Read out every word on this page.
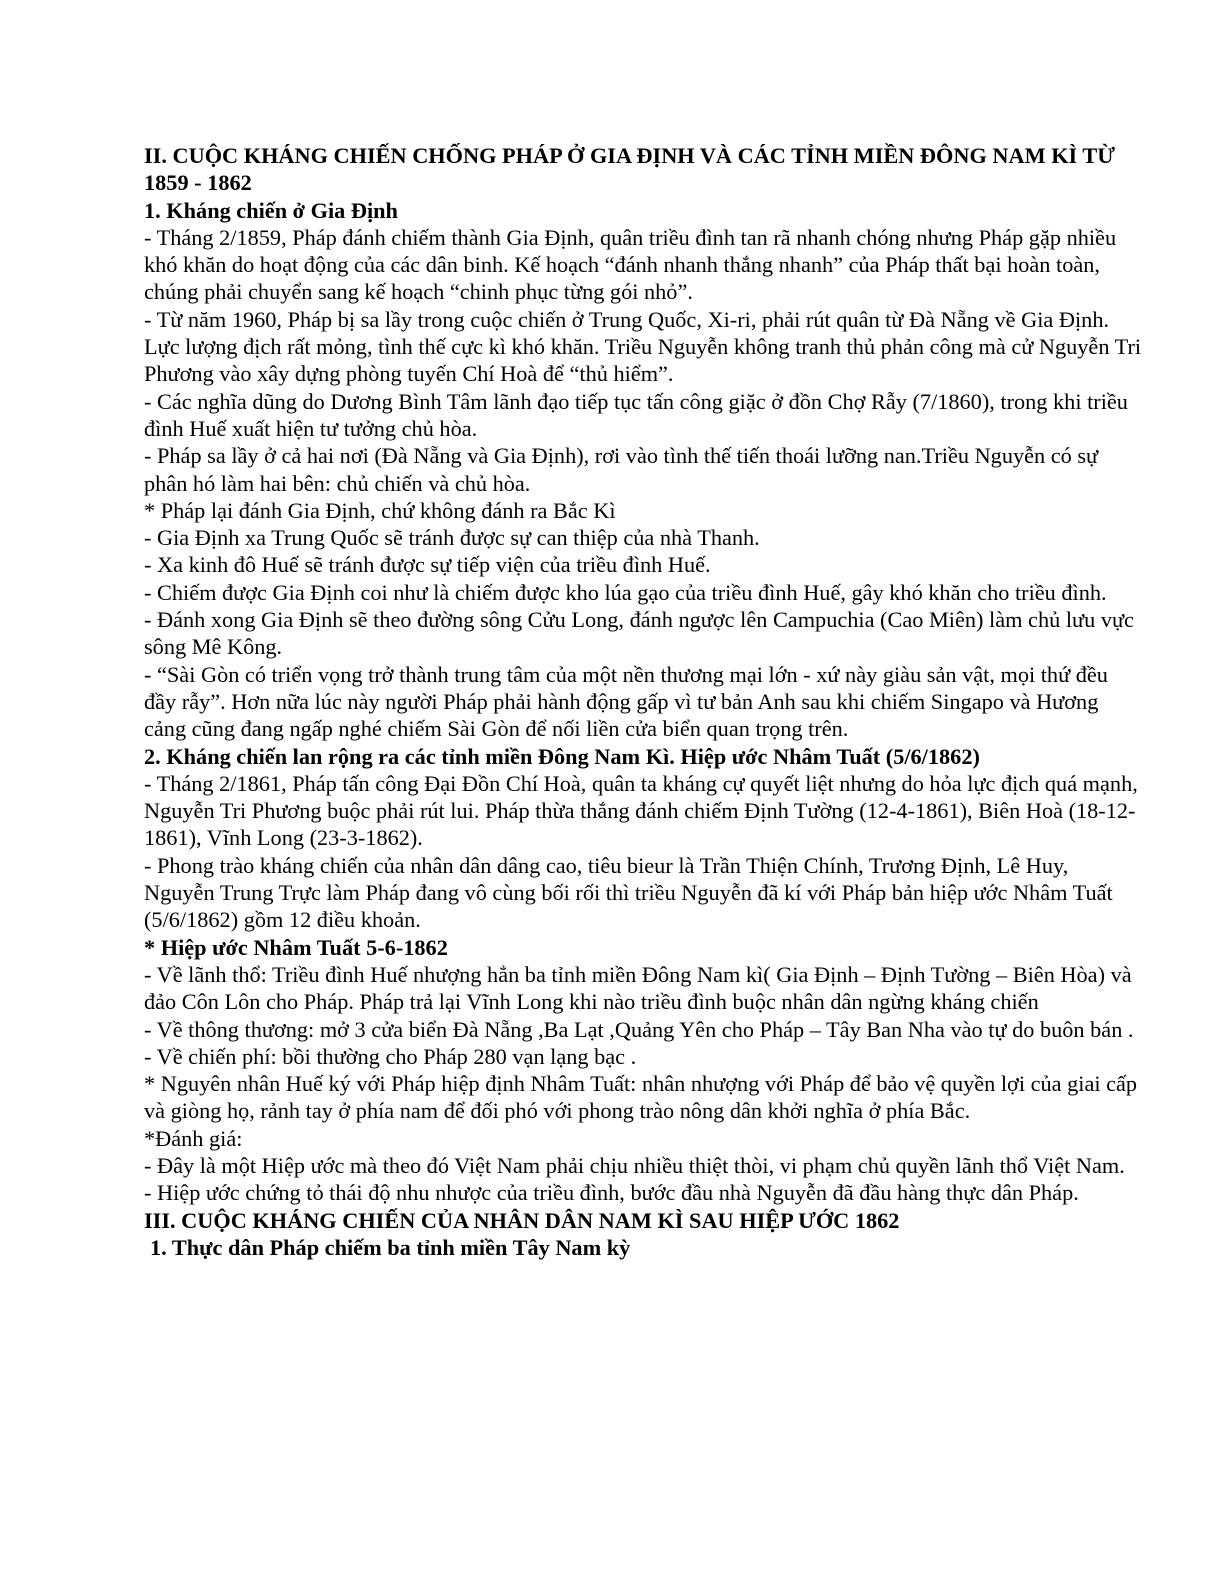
II. CUỘC KHÁNG CHIẾN CHỐNG PHÁP Ở GIA ĐỊNH VÀ CÁC TỈNH MIỀN ĐÔNG NAM KÌ TỪ 1859 - 1862

1. Kháng chiến ở Gia Định

- Tháng 2/1859, Pháp đánh chiếm thành Gia Định, quân triều đình tan rã nhanh chóng nhưng Pháp gặp nhiều khó khăn do hoạt động của các dân binh. Kế hoạch “đánh nhanh thắng nhanh” của Pháp thất bại hoàn toàn, chúng phải chuyển sang kế hoạch “chinh phục từng gói nhỏ”.

- Từ năm 1960, Pháp bị sa lầy trong cuộc chiến ở Trung Quốc, Xi-ri, phải rút quân từ Đà Nẵng về Gia Định. Lực lượng địch rất mỏng, tình thế cực kì khó khăn. Triều Nguyễn không tranh thủ phản công mà cử Nguyễn Tri Phương vào xây dựng phòng tuyến Chí Hoà để “thủ hiểm”.

- Các nghĩa dũng do Dương Bình Tâm lãnh đạo tiếp tục tấn công giặc ở đồn Chợ Rẫy (7/1860), trong khi triều đình Huế xuất hiện tư tưởng chủ hòa.

- Pháp sa lầy ở cả hai nơi (Đà Nẵng và Gia Định), rơi vào tình thế tiến thoái lưỡng nan.Triều Nguyễn có sự phân hó làm hai bên: chủ chiến và chủ hòa.

* Pháp lại đánh Gia Định, chứ không đánh ra Bắc Kì

- Gia Định xa Trung Quốc sẽ tránh được sự can thiệp của nhà Thanh.

- Xa kinh đô Huế sẽ tránh được sự tiếp viện của triều đình Huế.

- Chiếm được Gia Định coi như là chiếm được kho lúa gạo của triều đình Huế, gây khó khăn cho triều đình.

- Đánh xong Gia Định sẽ theo đường sông Cửu Long, đánh ngược lên Campuchia (Cao Miên) làm chủ lưu vực sông Mê Kông.

- “Sài Gòn có triển vọng trở thành trung tâm của một nền thương mại lớn - xứ này giàu sản vật, mọi thứ đều đầy rẫy”. Hơn nữa lúc này người Pháp phải hành động gấp vì tư bản Anh sau khi chiếm Singapo và Hương cảng cũng đang ngấp nghé chiếm Sài Gòn để nối liền cửa biển quan trọng trên.

2. Kháng chiến lan rộng ra các tỉnh miền Đông Nam Kì. Hiệp ước Nhâm Tuất (5/6/1862)

- Tháng 2/1861, Pháp tấn công Đại Đồn Chí Hoà, quân ta kháng cự quyết liệt nhưng do hỏa lực địch quá mạnh, Nguyễn Tri Phương buộc phải rút lui. Pháp thừa thắng đánh chiếm Định Tường (12-4-1861), Biên Hoà (18-12-1861), Vĩnh Long (23-3-1862).

- Phong trào kháng chiến của nhân dân dâng cao, tiêu bieur là Trần Thiện Chính, Trương Định, Lê Huy, Nguyễn Trung Trực làm Pháp đang vô cùng bối rối thì triều Nguyễn đã kí với Pháp bản hiệp ước Nhâm Tuất (5/6/1862) gồm 12 điều khoản.

* Hiệp ước Nhâm Tuất 5-6-1862

- Về lãnh thổ: Triều đình Huế nhượng hẳn ba tỉnh miền Đông Nam kì( Gia Định – Định Tường – Biên Hòa) và đảo Côn Lôn cho Pháp. Pháp trả lại Vĩnh Long khi nào triều đình buộc nhân dân ngừng kháng chiến

- Về thông thương: mở 3 cửa biển Đà Nẵng ,Ba Lạt ,Quảng Yên cho Pháp – Tây Ban Nha vào tự do buôn bán .

- Về chiến phí: bồi thường cho Pháp 280 vạn lạng bạc .

* Nguyên nhân Huế ký với Pháp hiệp định Nhâm Tuất: nhân nhượng với Pháp để bảo vệ quyền lợi của giai cấp và giòng họ, rảnh tay ở phía nam để đối phó với phong trào nông dân khởi nghĩa ở phía Bắc.

*Đánh giá:

- Đây là một Hiệp ước mà theo đó Việt Nam phải chịu nhiều thiệt thòi, vi phạm chủ quyền lãnh thổ Việt Nam.

- Hiệp ước chứng tỏ thái độ nhu nhược của triều đình, bước đầu nhà Nguyễn đã đầu hàng thực dân Pháp.

III. CUỘC KHÁNG CHIẾN CỦA NHÂN DÂN NAM KÌ SAU HIỆP ƯỚC 1862

1. Thực dân Pháp chiếm ba tỉnh miền Tây Nam kỳ
